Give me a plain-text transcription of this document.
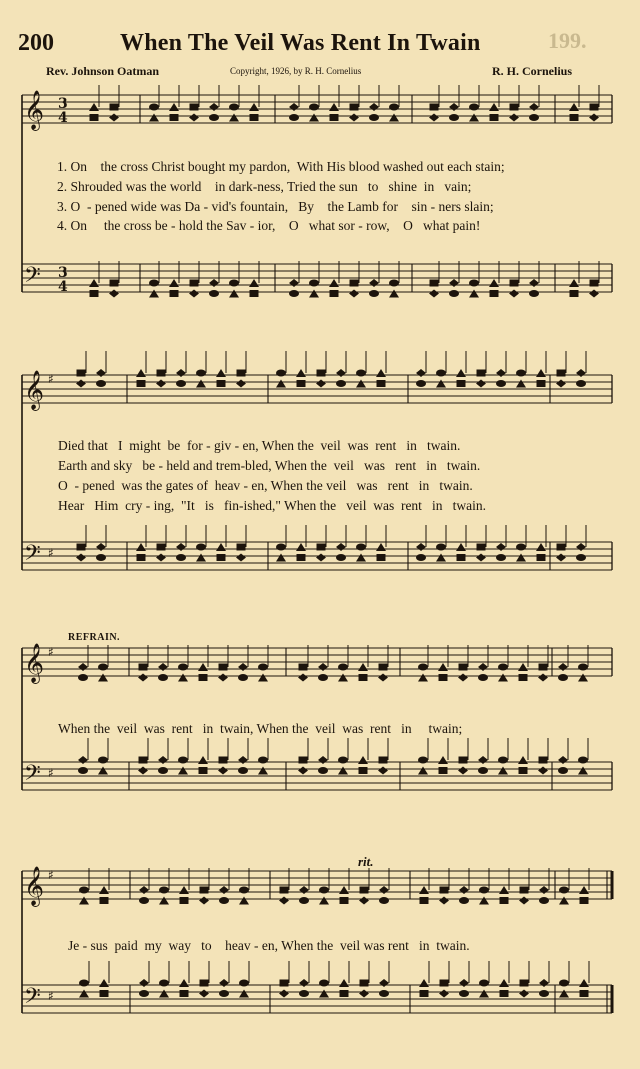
200	When The Veil Was Rent In Twain	199.
Rev. Johnson Oatman	Copyright, 1926, by R. H. Cornelius	R. H. Cornelius
𝄞 3
4
𝄢 3
4
𝄞 ♯
𝄢 ♯
𝄞 ♯
𝄢 ♯
𝄞 ♯
𝄢 ♯
1. On    the cross Christ bought my pardon,  With His blood washed out each stain;
2. Shrouded was the world    in dark-ness, Tried the sun   to   shine  in   vain;
3. O  - pened wide was Da - vid's fountain,   By    the Lamb for    sin - ners slain;
4. On     the cross be - hold the Sav - ior,    O   what sor - row,    O   what pain!
Died that   I  might  be  for - giv - en, When the  veil  was  rent   in   twain.
Earth and sky   be - held and trem-bled, When the  veil   was   rent   in   twain.
O  - pened  was the gates of  heav - en, When the veil   was   rent   in   twain.
Hear   Him  cry - ing,  "It   is   fin-ished," When the   veil  was  rent   in   twain.
REFRAIN.
When the  veil  was  rent   in  twain, When the  veil  was  rent   in     twain;
rit.
Je - sus  paid  my  way   to    heav - en, When the  veil was rent   in  twain.
